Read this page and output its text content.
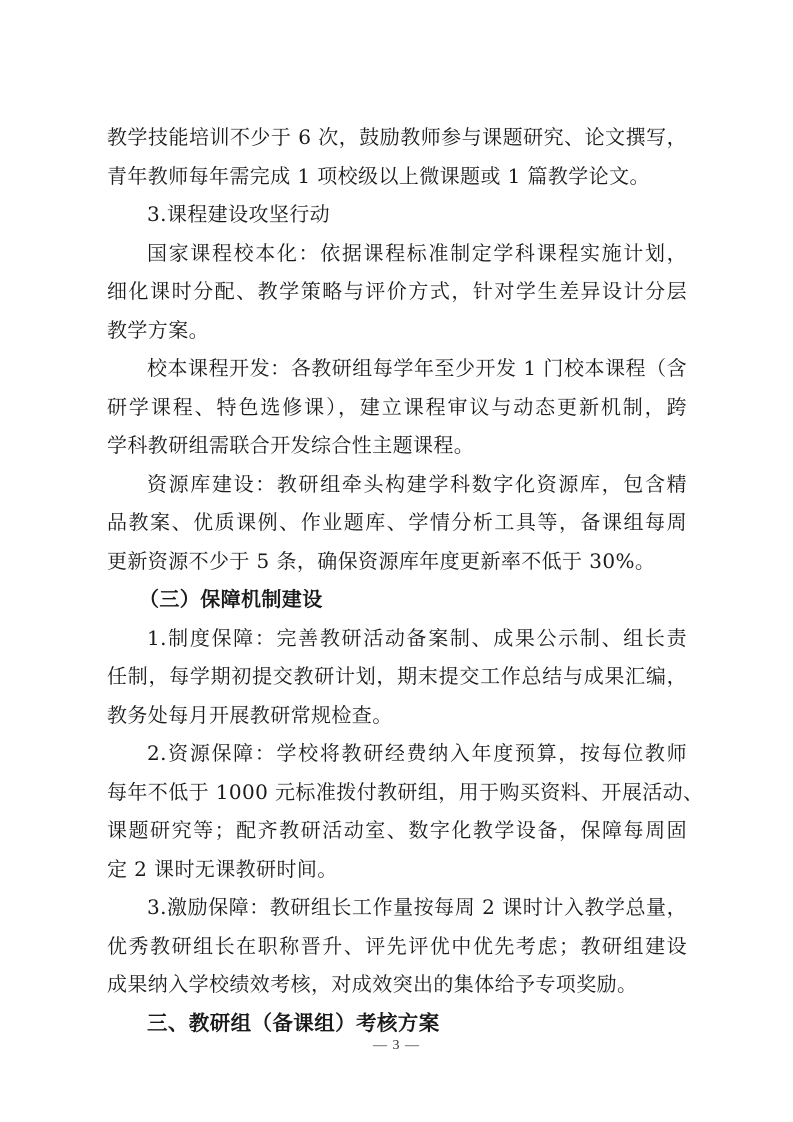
教学技能培训不少于 6 次，鼓励教师参与课题研究、论文撰写，
青年教师每年需完成 1 项校级以上微课题或 1 篇教学论文。
3.课程建设攻坚行动
国家课程校本化：依据课程标准制定学科课程实施计划，
细化课时分配、教学策略与评价方式，针对学生差异设计分层
教学方案。
校本课程开发：各教研组每学年至少开发 1 门校本课程（含
研学课程、特色选修课），建立课程审议与动态更新机制，跨
学科教研组需联合开发综合性主题课程。
资源库建设：教研组牵头构建学科数字化资源库，包含精
品教案、优质课例、作业题库、学情分析工具等，备课组每周
更新资源不少于 5 条，确保资源库年度更新率不低于 30%。
（三）保障机制建设
1.制度保障：完善教研活动备案制、成果公示制、组长责
任制，每学期初提交教研计划，期末提交工作总结与成果汇编，
教务处每月开展教研常规检查。
2.资源保障：学校将教研经费纳入年度预算，按每位教师
每年不低于 1000 元标准拨付教研组，用于购买资料、开展活动、
课题研究等；配齐教研活动室、数字化教学设备，保障每周固
定 2 课时无课教研时间。
3.激励保障：教研组长工作量按每周 2 课时计入教学总量，
优秀教研组长在职称晋升、评先评优中优先考虑；教研组建设
成果纳入学校绩效考核，对成效突出的集体给予专项奖励。
三、教研组（备课组）考核方案
— 3 —
